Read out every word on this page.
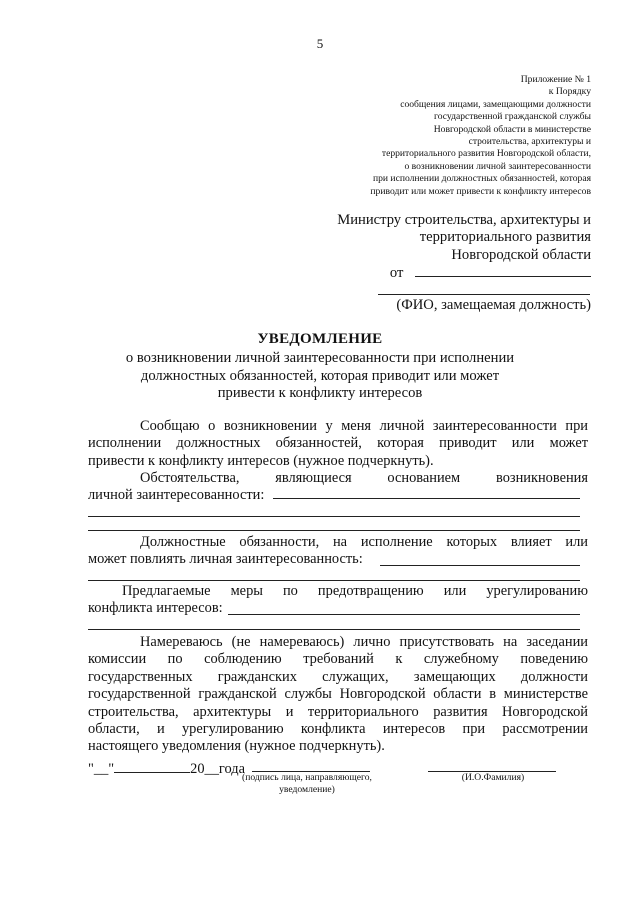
5
Приложение № 1
к Порядку
сообщения лицами, замещающими должности
государственной гражданской службы
Новгородской области в министерстве
строительства, архитектуры и
территориального развития Новгородской области,
о возникновении личной заинтересованности
при исполнении должностных обязанностей, которая
приводит или может привести к конфликту интересов
Министру строительства, архитектуры и
территориального развития
Новгородской области
от
(ФИО, замещаемая должность)
УВЕДОМЛЕНИЕ
о возникновении личной заинтересованности при исполнении
должностных обязанностей, которая приводит или может
привести к конфликту интересов
Сообщаю о возникновении у меня личной заинтересованности при
исполнении должностных обязанностей, которая приводит или может
привести к конфликту интересов (нужное подчеркнуть).
Обстоятельства, являющиеся основанием возникновения
личной заинтересованности:
Должностные обязанности, на исполнение которых влияет или
может повлиять личная заинтересованность:
Предлагаемые меры по предотвращению или урегулированию
конфликта интересов:
Намереваюсь (не намереваюсь) лично присутствовать на заседании
комиссии по соблюдению требований к служебному поведению
государственных гражданских служащих, замещающих должности
государственной гражданской службы Новгородской области в министерстве
строительства, архитектуры и территориального развития Новгородской
области, и урегулированию конфликта интересов при рассмотрении
настоящего уведомления (нужное подчеркнуть).
"__"	20__года
(подпись лица, направляющего,
уведомление)
(И.О.Фамилия)
